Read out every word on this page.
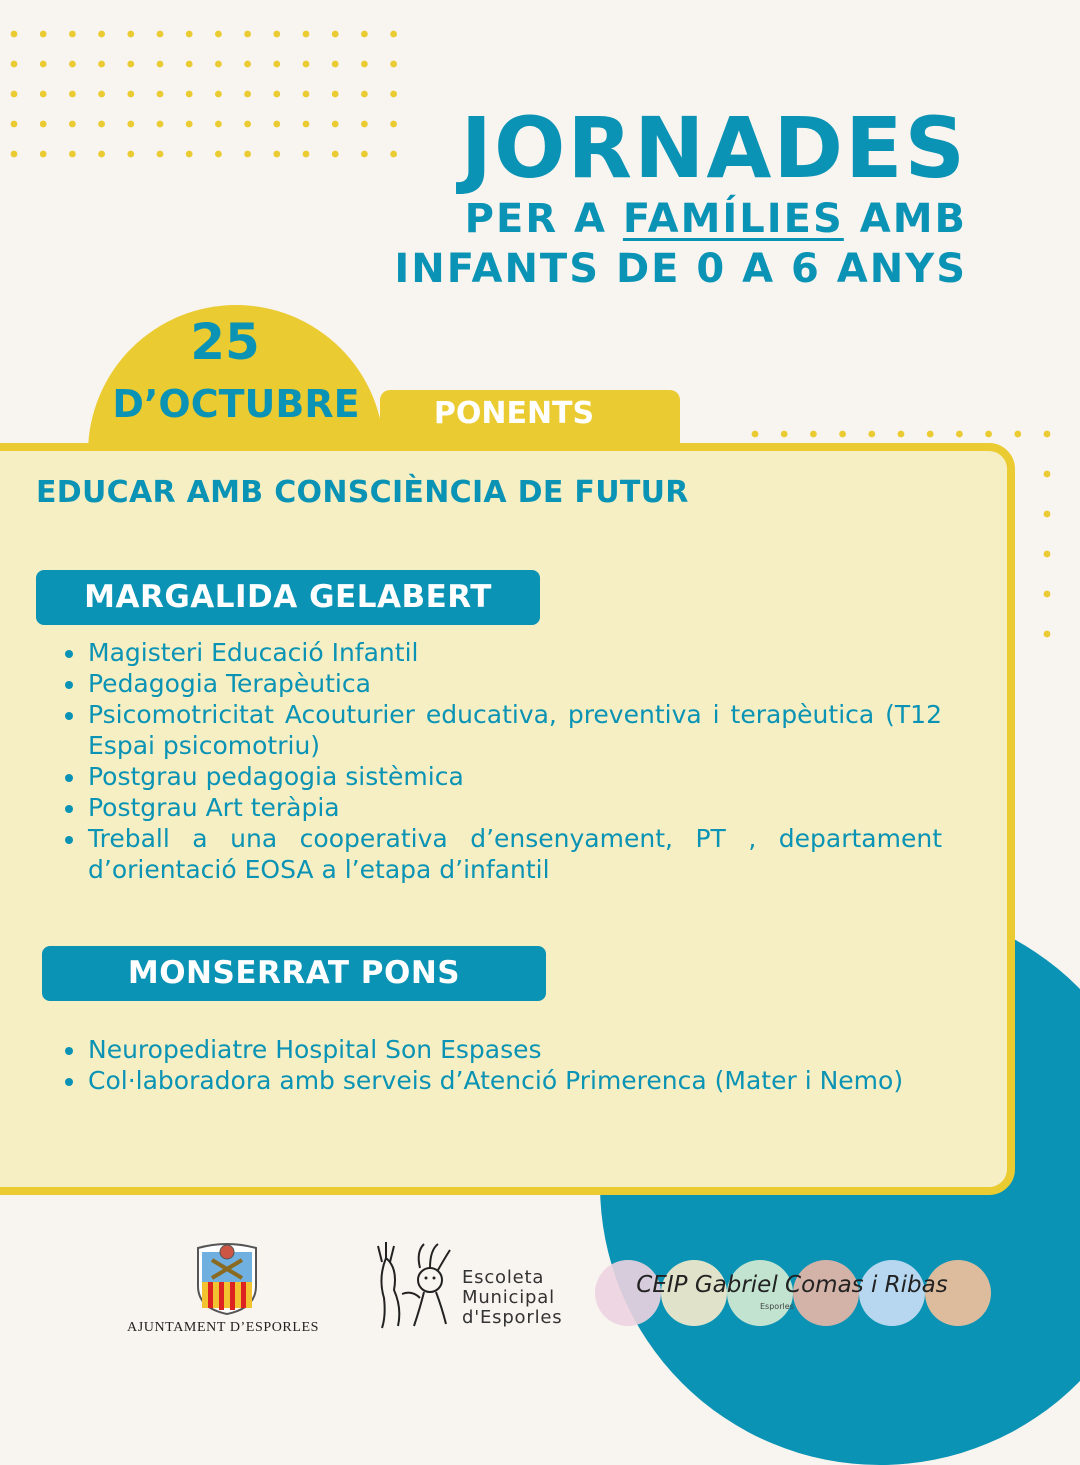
JORNADES
PER A FAMÍLIES AMB
INFANTS DE 0 A 6 ANYS
25
D’OCTUBRE	PONENTS
EDUCAR AMB CONSCIÈNCIA DE FUTUR
MARGALIDA GELABERT
Magisteri Educació Infantil
Pedagogia Terapèutica
Psicomotricitat Acouturier educativa, preventiva i terapèutica (T12 Espai psicomotriu)
Postgrau pedagogia sistèmica
Postgrau Art teràpia
Treball a una cooperativa d’ensenyament, PT , departament d’orientació EOSA a l’etapa d’infantil
MONSERRAT PONS
Neuropediatre Hospital Son Espases
Col·laboradora amb serveis d’Atenció Primerenca (Mater i Nemo)
AJUNTAMENT D’ESPORLES
Escoleta
Municipal
d'Esporles
CEIP Gabriel Comas i Ribas
Esporles
